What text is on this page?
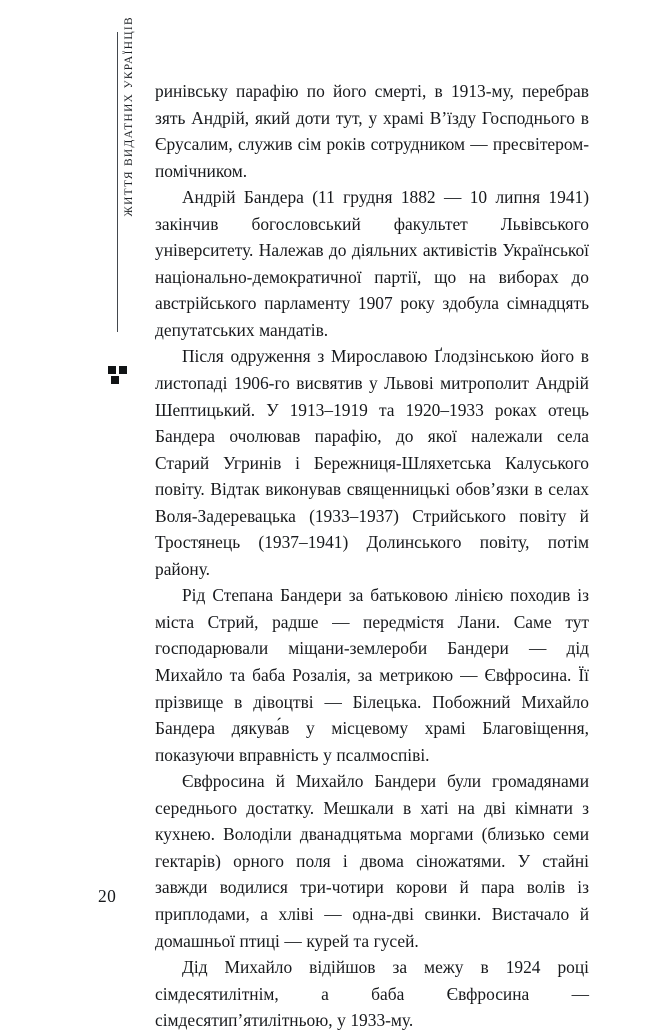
ЖИТТЯ ВИДАТНИХ УКРАЇНЦІВ ринівську парафію по його смерті, в 1913-му, перебрав зять Андрій, який доти тут, у храмі В’їзду Господнього в Єрусалим, служив сім років сотрудником — пресвітером-помічником.

Андрій Бандера (11 грудня 1882 — 10 липня 1941) закінчив богословський факультет Львівського університету. Належав до діяльних активістів Української національно-демократичної партії, що на виборах до австрійського парламенту 1907 року здобула сімнадцять депутатських мандатів.

Після одруження з Мирославою Ґлодзінською його в листопаді 1906-го висвятив у Львові митрополит Андрій Шептицький. У 1913–1919 та 1920–1933 роках отець Бандера очолював парафію, до якої належали села Старий Угринів і Бережниця-Шляхетська Калуського повіту. Відтак виконував священницькі обов’язки в селах Воля-Задеревацька (1933–1937) Стрийського повіту й Тростянець (1937–1941) Долинського повіту, потім району.

Рід Степана Бандери за батьковою лінією походив із міста Стрий, радше — передмістя Лани. Саме тут господарювали міщани-землероби Бандери — дід Михайло та баба Розалія, за метрикою — Євфросина. Її прізвище в дівоцтві — Білецька. Побожний Михайло Бандера дякува́в у місцевому храмі Благовіщення, показуючи вправність у псалмоспіві.

Євфросина й Михайло Бандери були громадянами середнього достатку. Мешкали в хаті на дві кімнати з кухнею. Володіли дванадцятьма моргами (близько семи гектарів) орного поля і двома сіножатями. У стайні завжди водилися три-чотири корови й пара волів із приплодами, а хліві — одна-дві свинки. Вистачало й домашньої птиці — курей та гусей.

Дід Михайло відійшов за межу в 1924 році сімдесятилітнім, а баба Євфросина — сімдесятип’ятилітньою, у 1933-му.

20
